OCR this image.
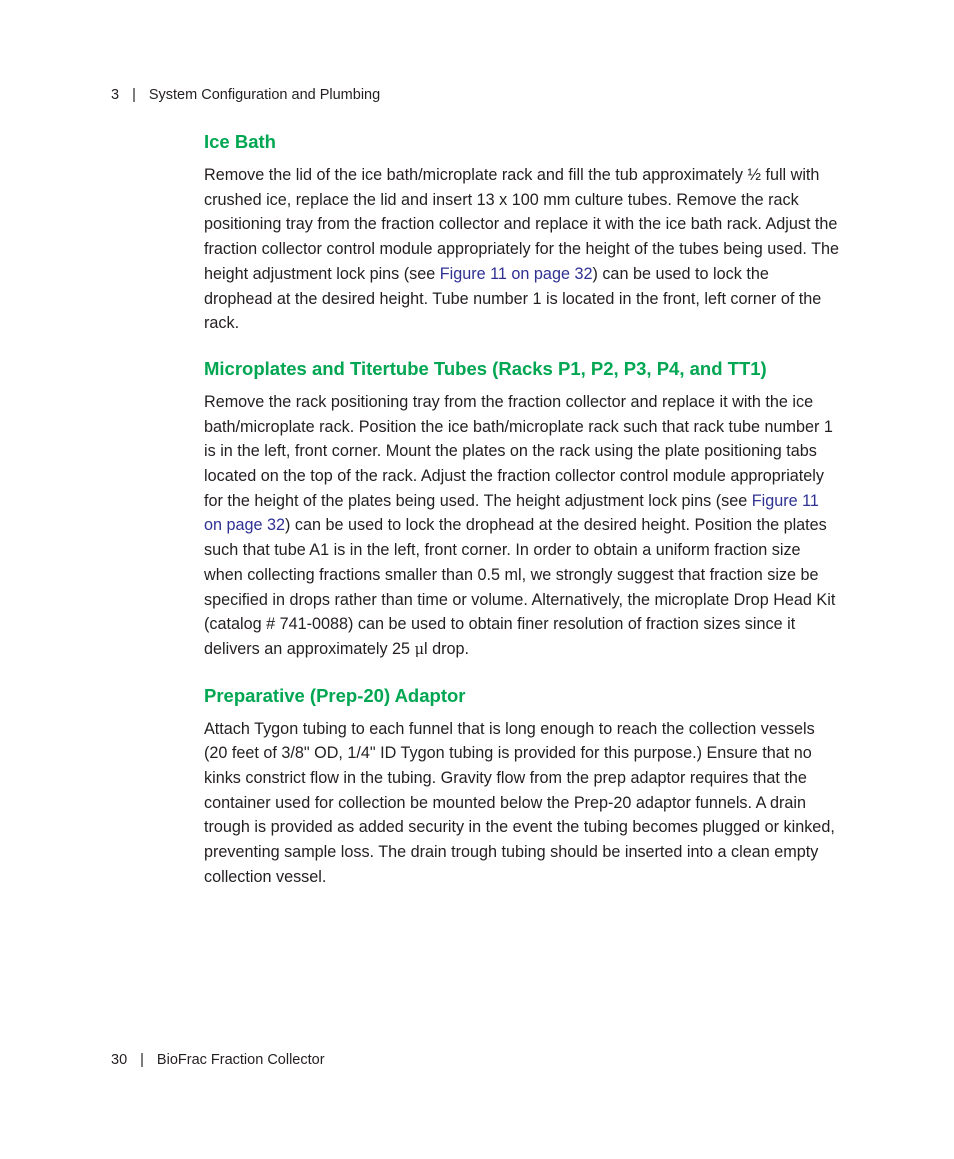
3 | System Configuration and Plumbing
Ice Bath

Remove the lid of the ice bath/microplate rack and fill the tub approximately ½ full with crushed ice, replace the lid and insert 13 x 100 mm culture tubes. Remove the rack positioning tray from the fraction collector and replace it with the ice bath rack. Adjust the fraction collector control module appropriately for the height of the tubes being used. The height adjustment lock pins (see Figure 11 on page 32) can be used to lock the drophead at the desired height. Tube number 1 is located in the front, left corner of the rack.

Microplates and Titertube Tubes (Racks P1, P2, P3, P4, and TT1)

Remove the rack positioning tray from the fraction collector and replace it with the ice bath/microplate rack. Position the ice bath/microplate rack such that rack tube number 1 is in the left, front corner. Mount the plates on the rack using the plate positioning tabs located on the top of the rack. Adjust the fraction collector control module appropriately for the height of the plates being used. The height adjustment lock pins (see Figure 11 on page 32) can be used to lock the drophead at the desired height. Position the plates such that tube A1 is in the left, front corner. In order to obtain a uniform fraction size when collecting fractions smaller than 0.5 ml, we strongly suggest that fraction size be specified in drops rather than time or volume. Alternatively, the microplate Drop Head Kit (catalog # 741-0088) can be used to obtain finer resolution of fraction sizes since it delivers an approximately 25 μl drop.

Preparative (Prep-20) Adaptor

Attach Tygon tubing to each funnel that is long enough to reach the collection vessels (20 feet of 3/8" OD, 1/4" ID Tygon tubing is provided for this purpose.) Ensure that no kinks constrict flow in the tubing. Gravity flow from the prep adaptor requires that the container used for collection be mounted below the Prep-20 adaptor funnels. A drain trough is provided as added security in the event the tubing becomes plugged or kinked, preventing sample loss. The drain trough tubing should be inserted into a clean empty collection vessel.

30 | BioFrac Fraction Collector
